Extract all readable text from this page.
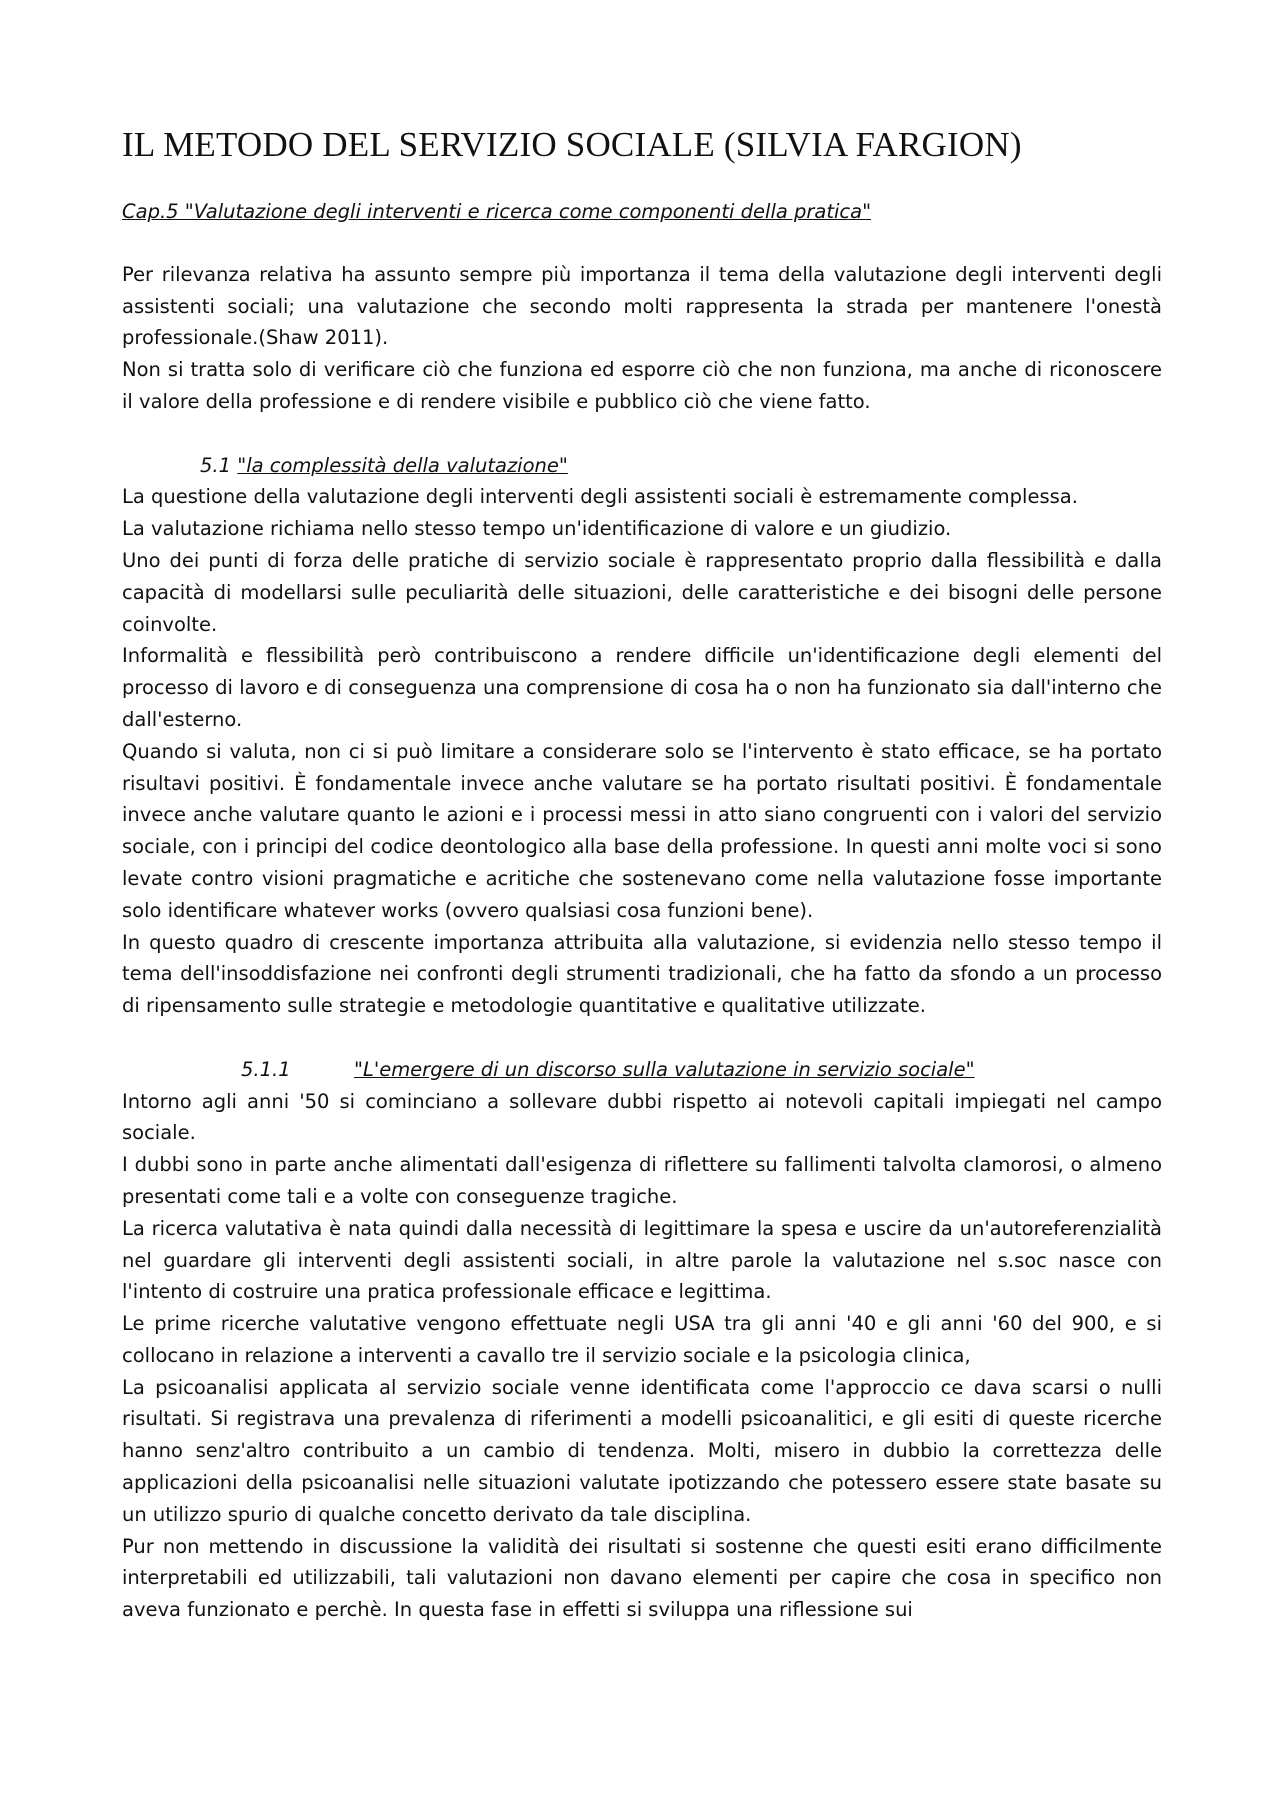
IL METODO DEL SERVIZIO SOCIALE (SILVIA FARGION)
Cap.5 "Valutazione degli interventi e ricerca come componenti della pratica"

Per rilevanza relativa ha assunto sempre più importanza il tema della valutazione degli interventi degli assistenti sociali; una valutazione che secondo molti rappresenta la strada per mantenere l'onestà professionale.(Shaw 2011).

Non si tratta solo di verificare ciò che funziona ed esporre ciò che non funziona, ma anche di riconoscere il valore della professione e di rendere visibile e pubblico ciò che viene fatto.

5.1 "la complessità della valutazione"

La questione della valutazione degli interventi degli assistenti sociali è estremamente complessa.

La valutazione richiama nello stesso tempo un'identificazione di valore e un giudizio.

Uno dei punti di forza delle pratiche di servizio sociale è rappresentato proprio dalla flessibilità e dalla capacità di modellarsi sulle peculiarità delle situazioni, delle caratteristiche e dei bisogni delle persone coinvolte.

Informalità e flessibilità però contribuiscono a rendere difficile un'identificazione degli elementi del processo di lavoro e di conseguenza una comprensione di cosa ha o non ha funzionato sia dall'interno che dall'esterno.

Quando si valuta, non ci si può limitare a considerare solo se l'intervento è stato efficace, se ha portato risultavi positivi. È fondamentale invece anche valutare se ha portato risultati positivi. È fondamentale invece anche valutare quanto le azioni e i processi messi in atto siano congruenti con i valori del servizio sociale, con i principi del codice deontologico alla base della professione. In questi anni molte voci si sono levate contro visioni pragmatiche e acritiche che sostenevano come nella valutazione fosse importante solo identificare whatever works (ovvero qualsiasi cosa funzioni bene).

In questo quadro di crescente importanza attribuita alla valutazione, si evidenzia nello stesso tempo il tema dell'insoddisfazione nei confronti degli strumenti tradizionali, che ha fatto da sfondo a un processo di ripensamento sulle strategie e metodologie quantitative e qualitative utilizzate.

5.1.1	"L'emergere di un discorso sulla valutazione in servizio sociale"

Intorno agli anni '50 si cominciano a sollevare dubbi rispetto ai notevoli capitali impiegati nel campo sociale.

I dubbi sono in parte anche alimentati dall'esigenza di riflettere su fallimenti talvolta clamorosi, o almeno presentati come tali e a volte con conseguenze tragiche.

La ricerca valutativa è nata quindi dalla necessità di legittimare la spesa e uscire da un'autoreferenzialità nel guardare gli interventi degli assistenti sociali, in altre parole la valutazione nel s.soc nasce con l'intento di costruire una pratica professionale efficace e legittima.

Le prime ricerche valutative vengono effettuate negli USA tra gli anni '40 e gli anni '60 del 900, e si collocano in relazione a interventi a cavallo tre il servizio sociale e la psicologia clinica,

La psicoanalisi applicata al servizio sociale venne identificata come l'approccio ce dava scarsi o nulli risultati. Si registrava una prevalenza di riferimenti a modelli psicoanalitici, e gli esiti di queste ricerche hanno senz'altro contribuito a un cambio di tendenza. Molti, misero in dubbio la correttezza delle applicazioni della psicoanalisi nelle situazioni valutate ipotizzando che potessero essere state basate su un utilizzo spurio di qualche concetto derivato da tale disciplina.

Pur non mettendo in discussione la validità dei risultati si sostenne che questi esiti erano difficilmente interpretabili ed utilizzabili, tali valutazioni non davano elementi per capire che cosa in specifico non aveva funzionato e perchè. In questa fase in effetti si sviluppa una riflessione sui
